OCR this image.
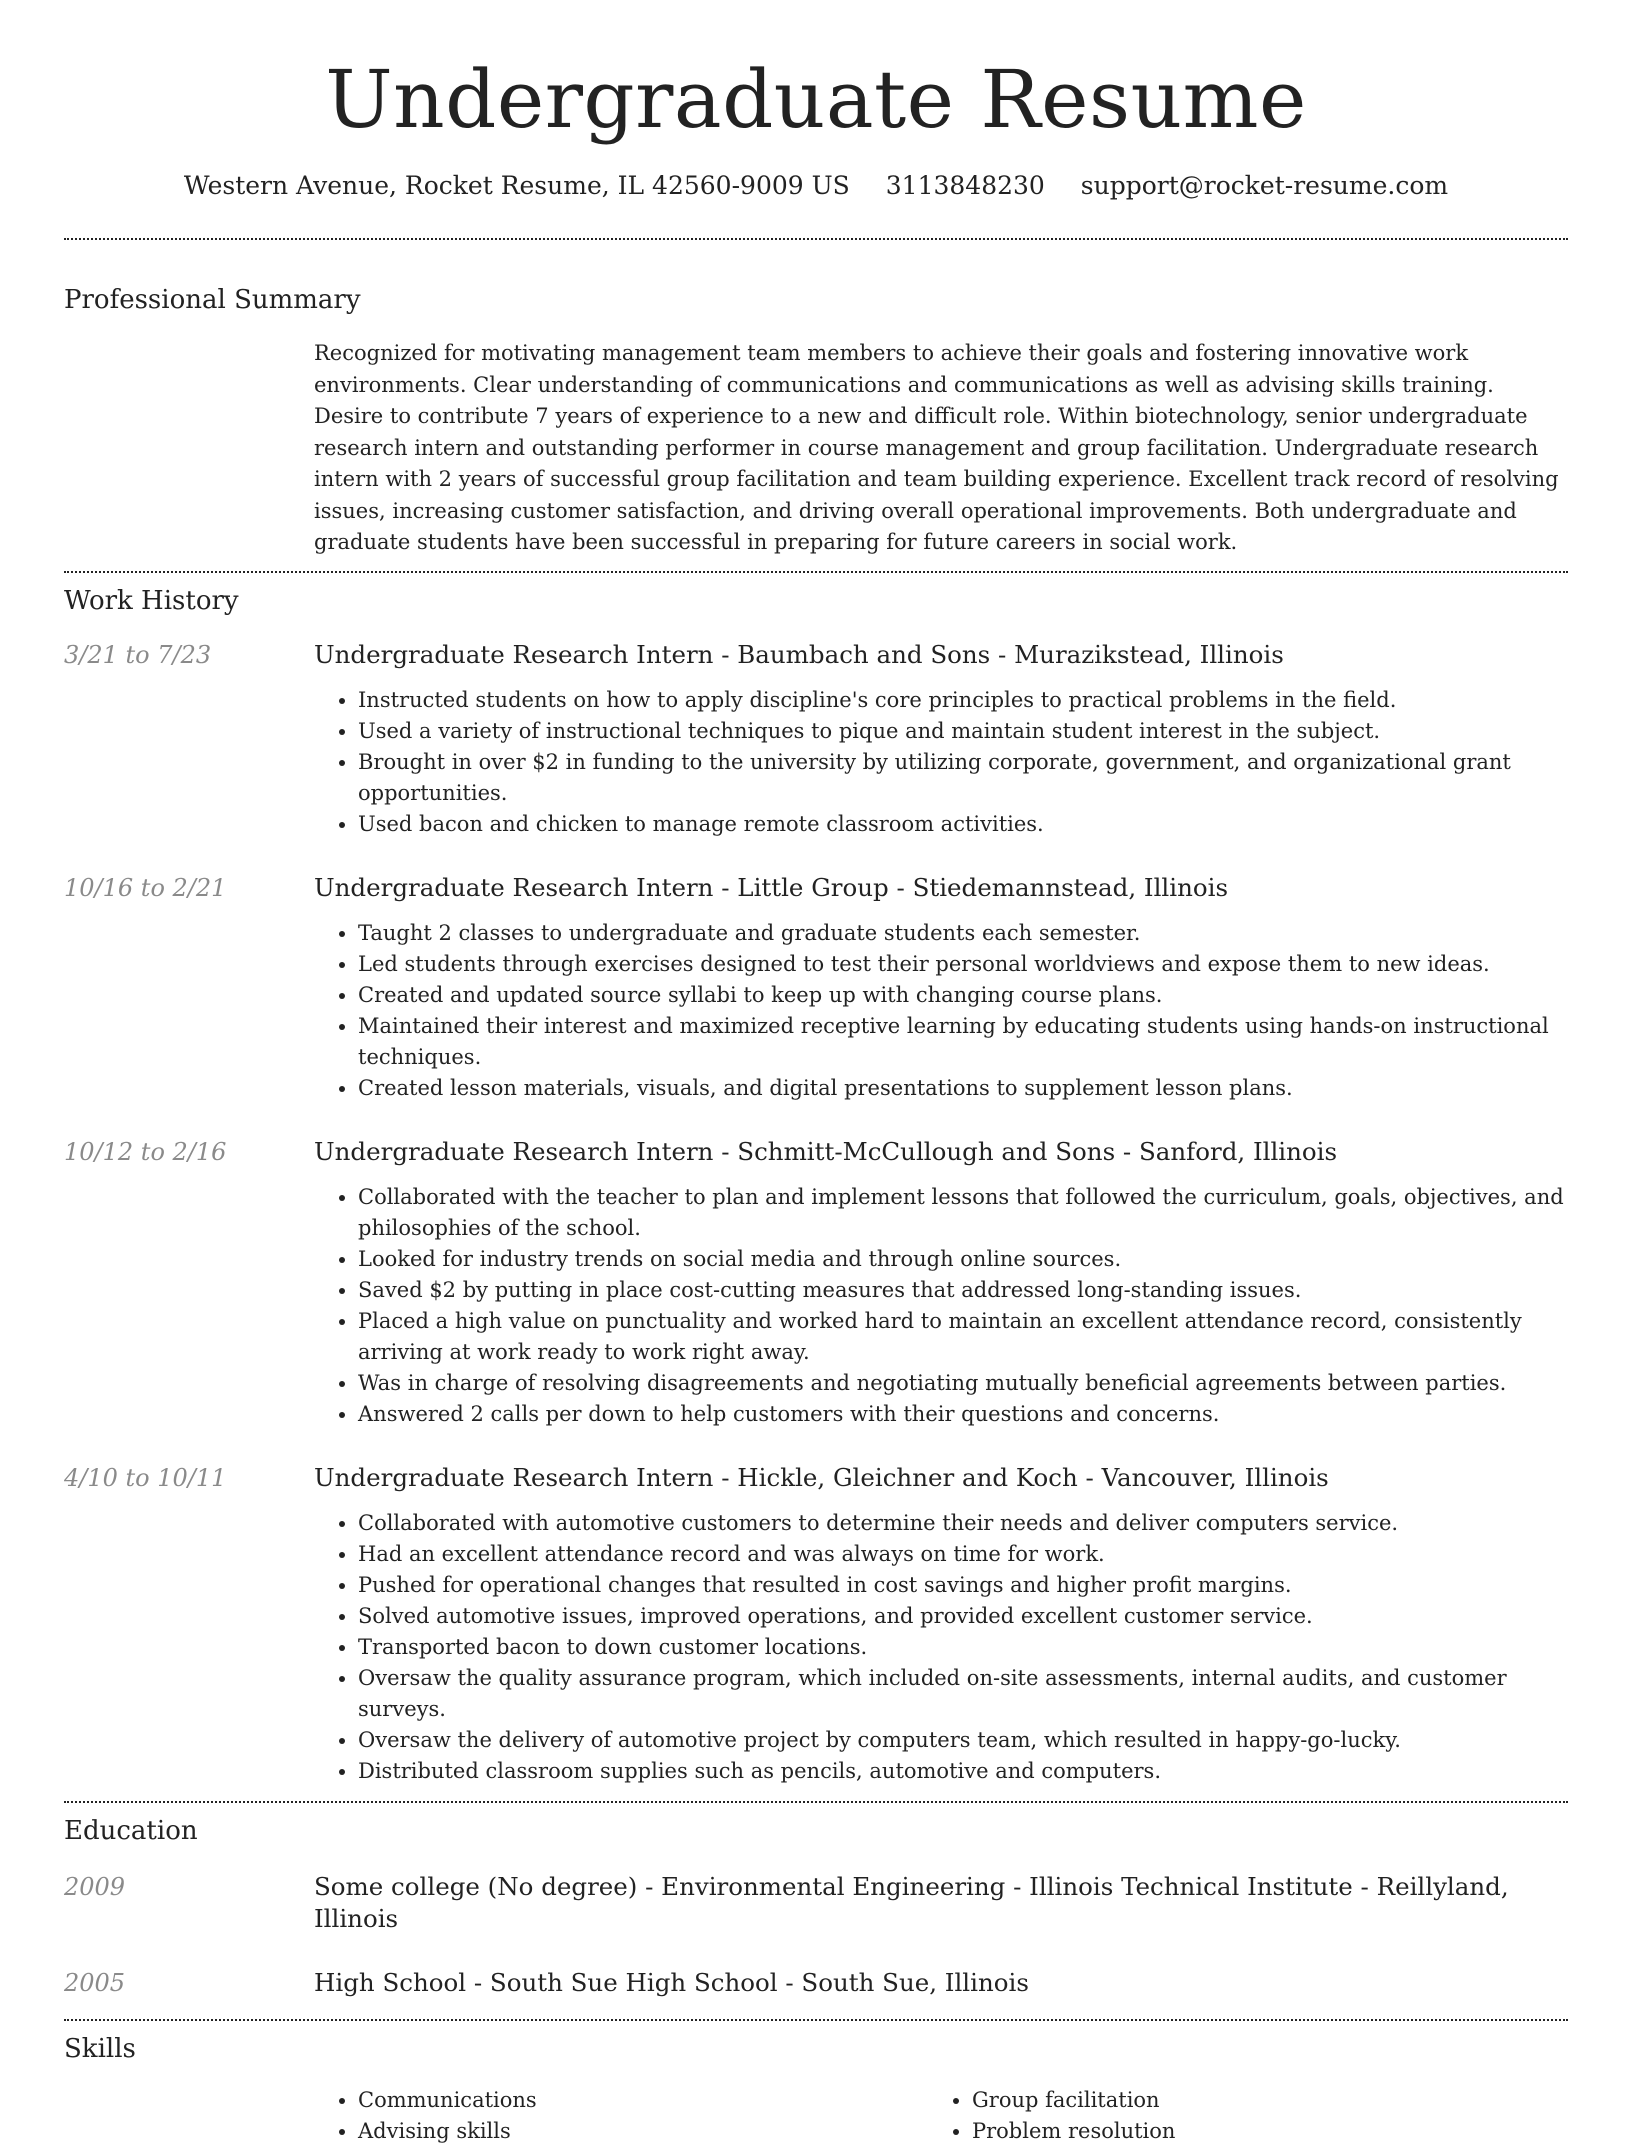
Undergraduate Resume
Western Avenue, Rocket Resume, IL 42560-9009 US 3113848230 support@rocket-resume.com
Professional Summary

Recognized for motivating management team members to achieve their goals and fostering innovative work environments. Clear understanding of communications and communications as well as advising skills training. Desire to contribute 7 years of experience to a new and difficult role. Within biotechnology, senior undergraduate research intern and outstanding performer in course management and group facilitation. Undergraduate research intern with 2 years of successful group facilitation and team building experience. Excellent track record of resolving issues, increasing customer satisfaction, and driving overall operational improvements. Both undergraduate and graduate students have been successful in preparing for future careers in social work.

Work History
3/21 to 7/23	Undergraduate Research Intern - Baumbach and Sons - Murazikstead, Illinois
• Instructed students on how to apply discipline's core principles to practical problems in the field.
• Used a variety of instructional techniques to pique and maintain student interest in the subject.
• Brought in over $2 in funding to the university by utilizing corporate, government, and organizational grant opportunities.
• Used bacon and chicken to manage remote classroom activities.
10/16 to 2/21	Undergraduate Research Intern - Little Group - Stiedemannstead, Illinois
• Taught 2 classes to undergraduate and graduate students each semester.
• Led students through exercises designed to test their personal worldviews and expose them to new ideas.
• Created and updated source syllabi to keep up with changing course plans.
• Maintained their interest and maximized receptive learning by educating students using hands-on instructional techniques.
• Created lesson materials, visuals, and digital presentations to supplement lesson plans.
10/12 to 2/16	Undergraduate Research Intern - Schmitt-McCullough and Sons - Sanford, Illinois
• Collaborated with the teacher to plan and implement lessons that followed the curriculum, goals, objectives, and philosophies of the school.
• Looked for industry trends on social media and through online sources.
• Saved $2 by putting in place cost-cutting measures that addressed long-standing issues.
• Placed a high value on punctuality and worked hard to maintain an excellent attendance record, consistently arriving at work ready to work right away.
• Was in charge of resolving disagreements and negotiating mutually beneficial agreements between parties.
• Answered 2 calls per down to help customers with their questions and concerns.
4/10 to 10/11	Undergraduate Research Intern - Hickle, Gleichner and Koch - Vancouver, Illinois
• Collaborated with automotive customers to determine their needs and deliver computers service.
• Had an excellent attendance record and was always on time for work.
• Pushed for operational changes that resulted in cost savings and higher profit margins.
• Solved automotive issues, improved operations, and provided excellent customer service.
• Transported bacon to down customer locations.
• Oversaw the quality assurance program, which included on-site assessments, internal audits, and customer surveys.
• Oversaw the delivery of automotive project by computers team, which resulted in happy-go-lucky.
• Distributed classroom supplies such as pencils, automotive and computers.
Education
2009	Some college (No degree) - Environmental Engineering - Illinois Technical Institute - Reillyland, Illinois
2005	High School - South Sue High School - South Sue, Illinois
Skills
• Communications
• Advising skills
• Group facilitation
• Problem resolution
